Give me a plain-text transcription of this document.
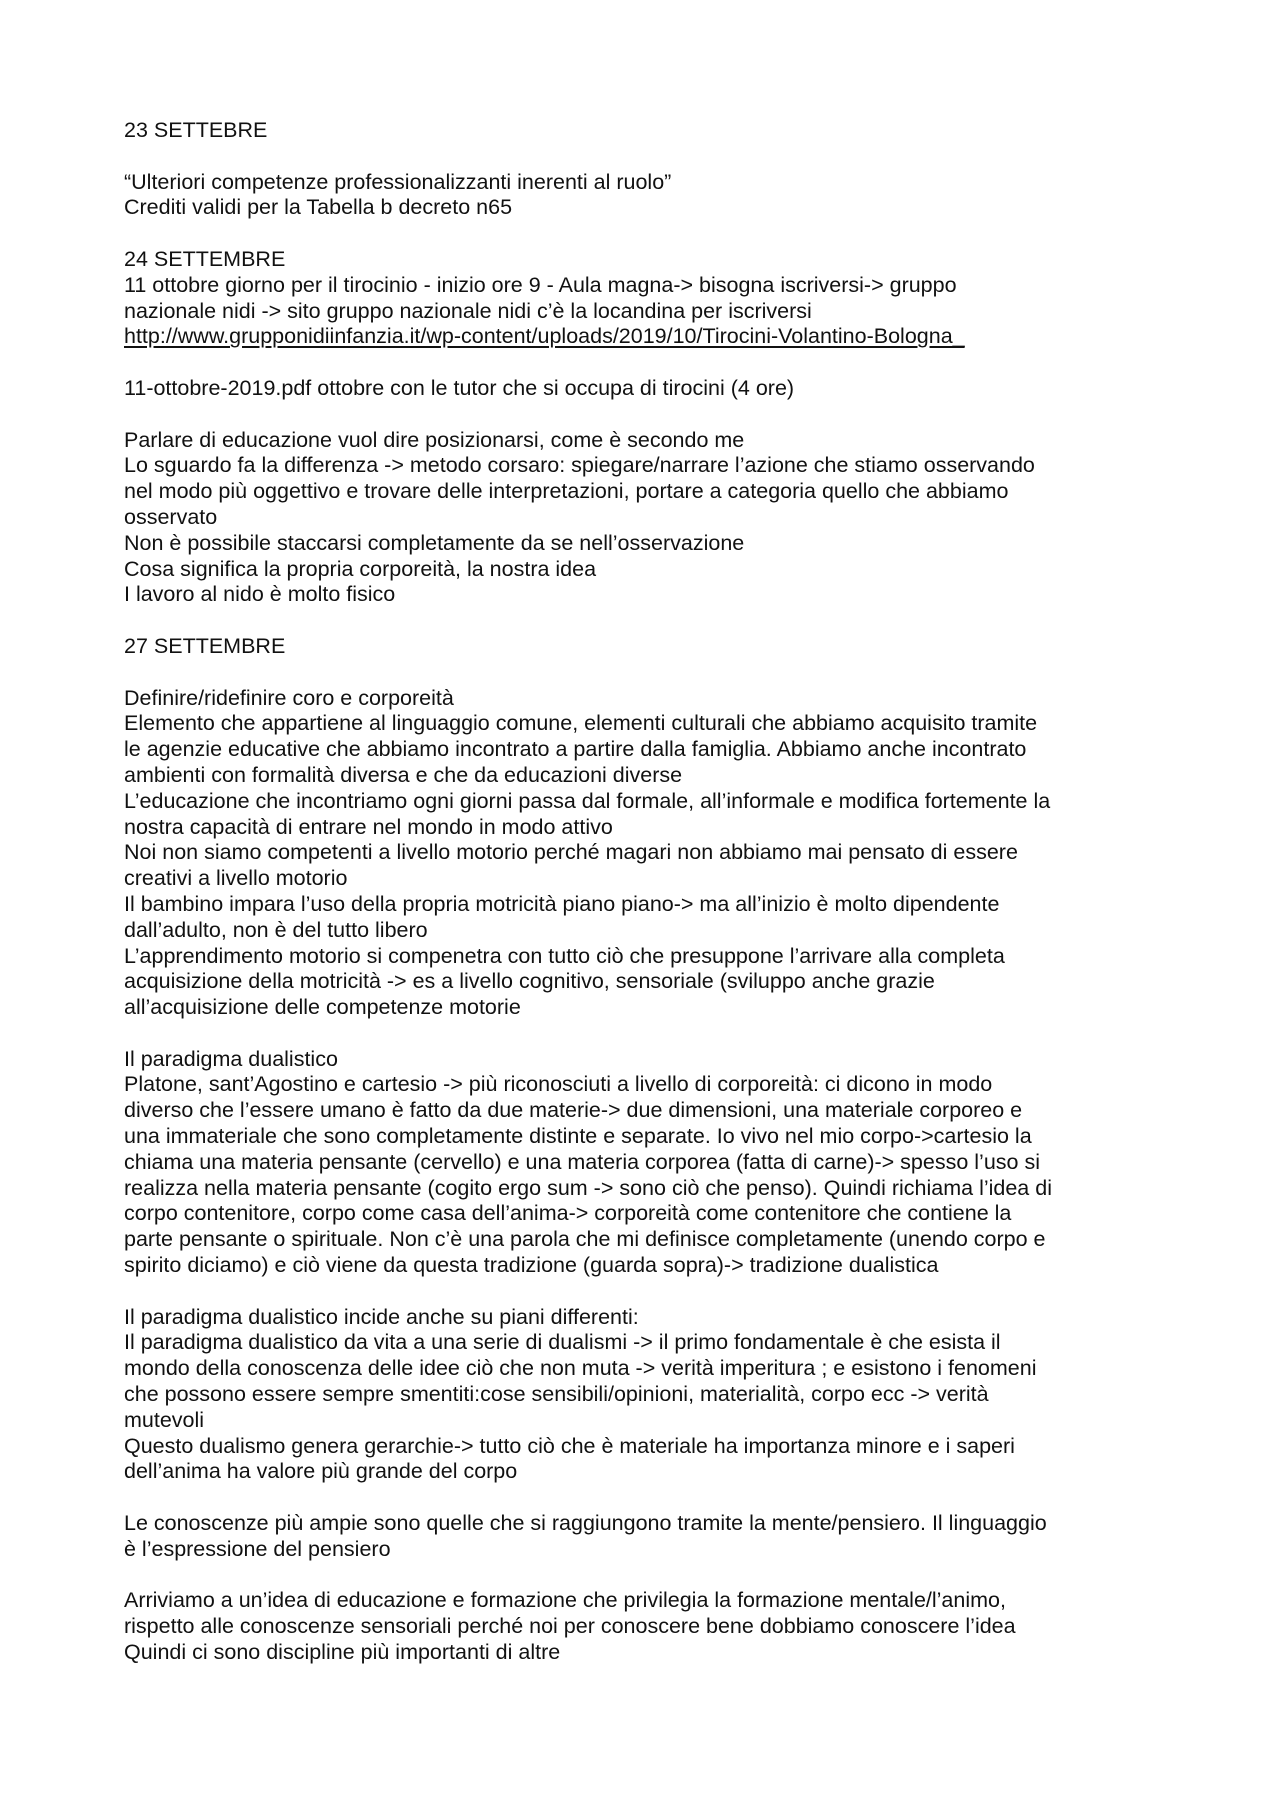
23 SETTEBRE

“Ulteriori competenze professionalizzanti inerenti al ruolo”

Crediti validi per la Tabella b decreto n65

24 SETTEMBRE

11 ottobre giorno per il tirocinio - inizio ore 9 - Aula magna-> bisogna iscriversi-> gruppo

nazionale nidi -> sito gruppo nazionale nidi c’è la locandina per iscriversi

http://www.grupponidiinfanzia.it/wp-content/uploads/2019/10/Tirocini-Volantino-Bologna_

11-ottobre-2019.pdf ottobre con le tutor che si occupa di tirocini (4 ore)

Parlare di educazione vuol dire posizionarsi, come è secondo me

Lo sguardo fa la differenza -> metodo corsaro: spiegare/narrare l’azione che stiamo osservando

nel modo più oggettivo e trovare delle interpretazioni, portare a categoria quello che abbiamo

osservato

Non è possibile staccarsi completamente da se nell’osservazione

Cosa significa la propria corporeità, la nostra idea

I lavoro al nido è molto fisico

27 SETTEMBRE

Definire/ridefinire coro e corporeità

Elemento che appartiene al linguaggio comune, elementi culturali che abbiamo acquisito tramite

le agenzie educative che abbiamo incontrato a partire dalla famiglia. Abbiamo anche incontrato

ambienti con formalità diversa e che da educazioni diverse

L’educazione che incontriamo ogni giorni passa dal formale, all’informale e modifica fortemente la

nostra capacità di entrare nel mondo in modo attivo

Noi non siamo competenti a livello motorio perché magari non abbiamo mai pensato di essere

creativi a livello motorio

Il bambino impara l’uso della propria motricità piano piano-> ma all’inizio è molto dipendente

dall’adulto, non è del tutto libero

L’apprendimento motorio si compenetra con tutto ciò che presuppone l’arrivare alla completa

acquisizione della motricità -> es a livello cognitivo, sensoriale (sviluppo anche grazie

all’acquisizione delle competenze motorie

Il paradigma dualistico

Platone, sant’Agostino e cartesio -> più riconosciuti a livello di corporeità: ci dicono in modo

diverso che l’essere umano è fatto da due materie-> due dimensioni, una materiale corporeo e

una immateriale che sono completamente distinte e separate. Io vivo nel mio corpo->cartesio la

chiama una materia pensante (cervello) e una materia corporea (fatta di carne)-> spesso l’uso si

realizza nella materia pensante (cogito ergo sum -> sono ciò che penso). Quindi richiama l’idea di

corpo contenitore, corpo come casa dell’anima-> corporeità come contenitore che contiene la

parte pensante o spirituale. Non c’è una parola che mi definisce completamente (unendo corpo e

spirito diciamo) e ciò viene da questa tradizione (guarda sopra)-> tradizione dualistica

Il paradigma dualistico incide anche su piani differenti:

Il paradigma dualistico da vita a una serie di dualismi -> il primo fondamentale è che esista il

mondo della conoscenza delle idee ciò che non muta -> verità imperitura ; e esistono i fenomeni

che possono essere sempre smentiti:cose sensibili/opinioni, materialità, corpo ecc -> verità

mutevoli

Questo dualismo genera gerarchie-> tutto ciò che è materiale ha importanza minore e i saperi

dell’anima ha valore più grande del corpo

Le conoscenze più ampie sono quelle che si raggiungono tramite la mente/pensiero. Il linguaggio

è l’espressione del pensiero

Arriviamo a un’idea di educazione e formazione che privilegia la formazione mentale/l’animo,

rispetto alle conoscenze sensoriali perché noi per conoscere bene dobbiamo conoscere l’idea

Quindi ci sono discipline più importanti di altre
